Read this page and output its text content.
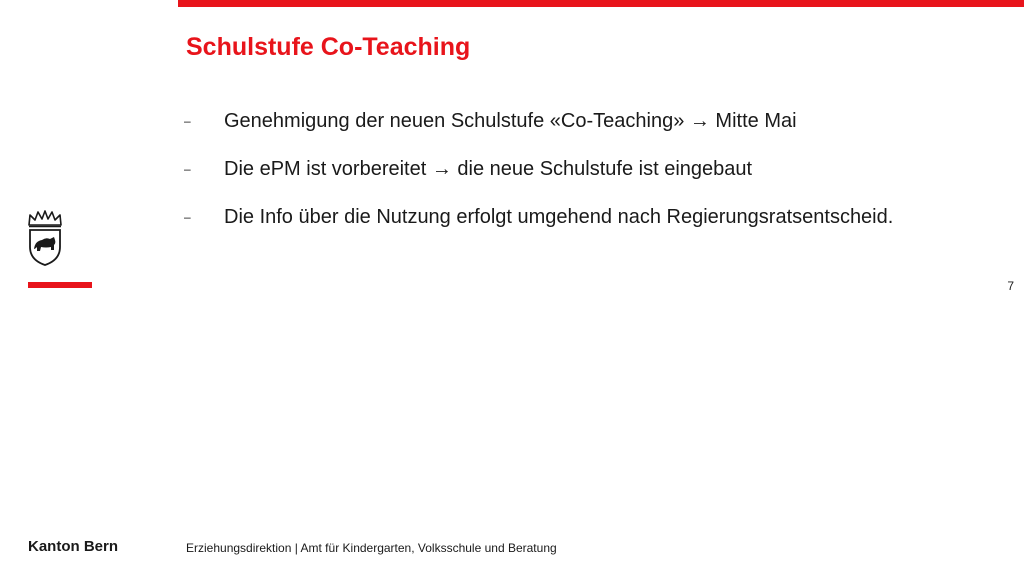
Schulstufe Co-Teaching
–	Genehmigung der neuen Schulstufe «Co-Teaching» → Mitte Mai
–	Die ePM ist vorbereitet → die neue Schulstufe ist eingebaut
–	Die Info über die Nutzung erfolgt umgehend nach Regierungsratsentscheid.
7
Kanton Bern	Erziehungsdirektion | Amt für Kindergarten, Volksschule und Beratung
